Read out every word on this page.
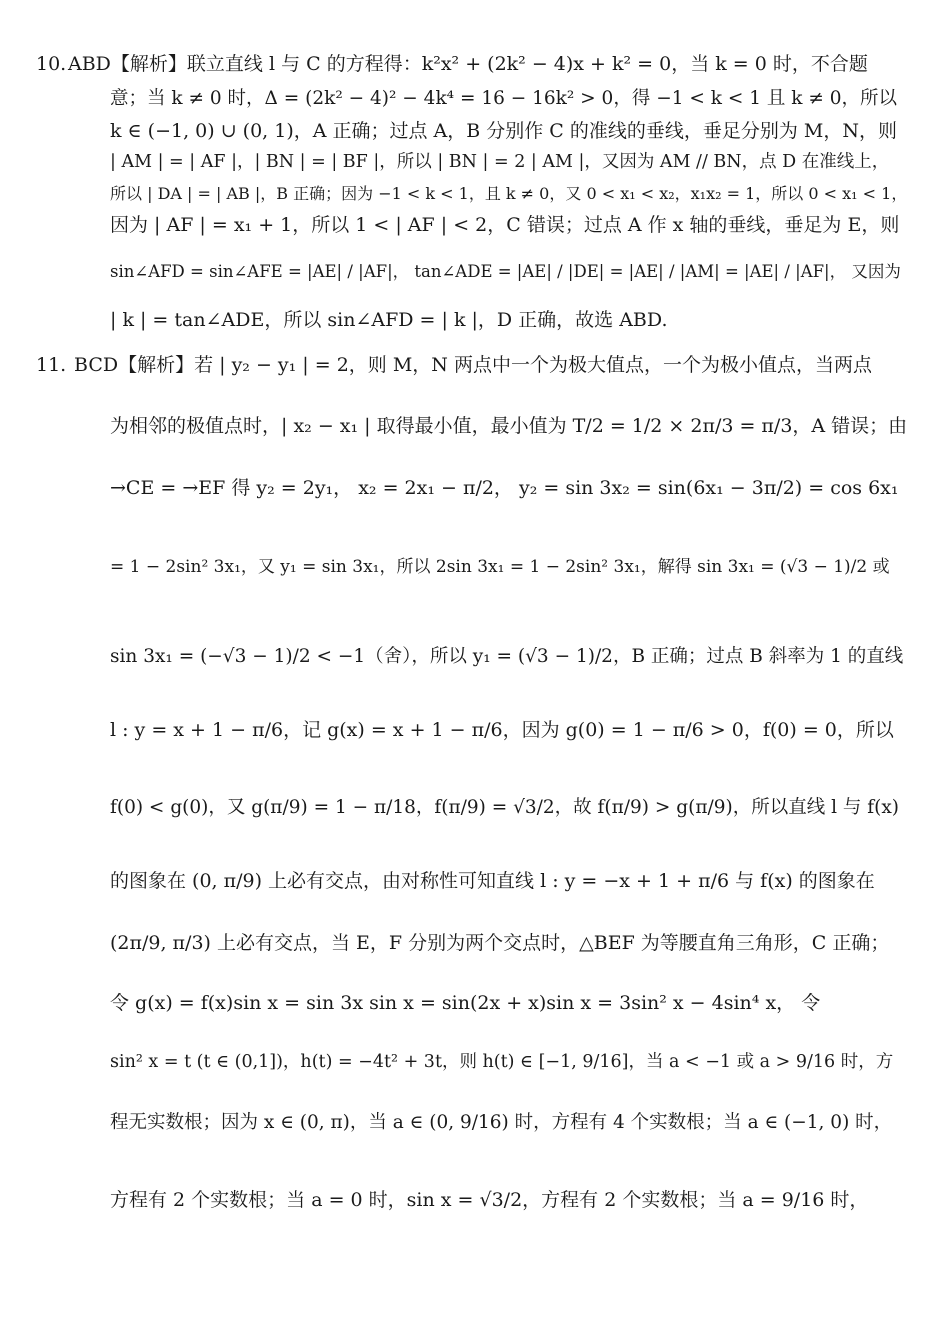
10. ABD【解析】联立直线 l 与 C 的方程得：k²x² + (2k² − 4)x + k² = 0，当 k = 0 时，不合题
意；当 k ≠ 0 时，Δ = (2k² − 4)² − 4k⁴ = 16 − 16k² > 0，得 −1 < k < 1 且 k ≠ 0，所以
k ∈ (−1, 0) ∪ (0, 1)，A 正确；过点 A，B 分别作 C 的准线的垂线，垂足分别为 M，N，则
| AM | = | AF |，| BN | = | BF |，所以 | BN | = 2 | AM |，又因为 AM // BN，点 D 在准线上，
所以 | DA | = | AB |，B 正确；因为 −1 < k < 1，且 k ≠ 0，又 0 < x₁ < x₂，x₁x₂ = 1，所以 0 < x₁ < 1，
因为 | AF | = x₁ + 1，所以 1 < | AF | < 2，C 错误；过点 A 作 x 轴的垂线，垂足为 E，则
sin∠AFD = sin∠AFE = |AE| / |AF|， tan∠ADE = |AE| / |DE| = |AE| / |AM| = |AE| / |AF|， 又因为
| k | = tan∠ADE，所以 sin∠AFD = | k |，D 正确，故选 ABD.
11. BCD【解析】若 | y₂ − y₁ | = 2，则 M，N 两点中一个为极大值点，一个为极小值点，当两点
为相邻的极值点时，| x₂ − x₁ | 取得最小值，最小值为 T/2 = 1/2 × 2π/3 = π/3，A 错误；由
→CE = →EF 得 y₂ = 2y₁， x₂ = 2x₁ − π/2， y₂ = sin 3x₂ = sin(6x₁ − 3π/2) = cos 6x₁
= 1 − 2sin² 3x₁，又 y₁ = sin 3x₁，所以 2sin 3x₁ = 1 − 2sin² 3x₁，解得 sin 3x₁ = (√3 − 1)/2 或
sin 3x₁ = (−√3 − 1)/2 < −1（舍），所以 y₁ = (√3 − 1)/2，B 正确；过点 B 斜率为 1 的直线
l : y = x + 1 − π/6，记 g(x) = x + 1 − π/6，因为 g(0) = 1 − π/6 > 0，f(0) = 0，所以
f(0) < g(0)，又 g(π/9) = 1 − π/18，f(π/9) = √3/2，故 f(π/9) > g(π/9)，所以直线 l 与 f(x)
的图象在 (0, π/9) 上必有交点，由对称性可知直线 l : y = −x + 1 + π/6 与 f(x) 的图象在
(2π/9, π/3) 上必有交点，当 E，F 分别为两个交点时，△BEF 为等腰直角三角形，C 正确；
令 g(x) = f(x)sin x = sin 3x sin x = sin(2x + x)sin x = 3sin² x − 4sin⁴ x， 令
sin² x = t (t ∈ (0,1])，h(t) = −4t² + 3t，则 h(t) ∈ [−1, 9/16]，当 a < −1 或 a > 9/16 时，方
程无实数根；因为 x ∈ (0, π)，当 a ∈ (0, 9/16) 时，方程有 4 个实数根；当 a ∈ (−1, 0) 时，
方程有 2 个实数根；当 a = 0 时，sin x = √3/2，方程有 2 个实数根；当 a = 9/16 时，
